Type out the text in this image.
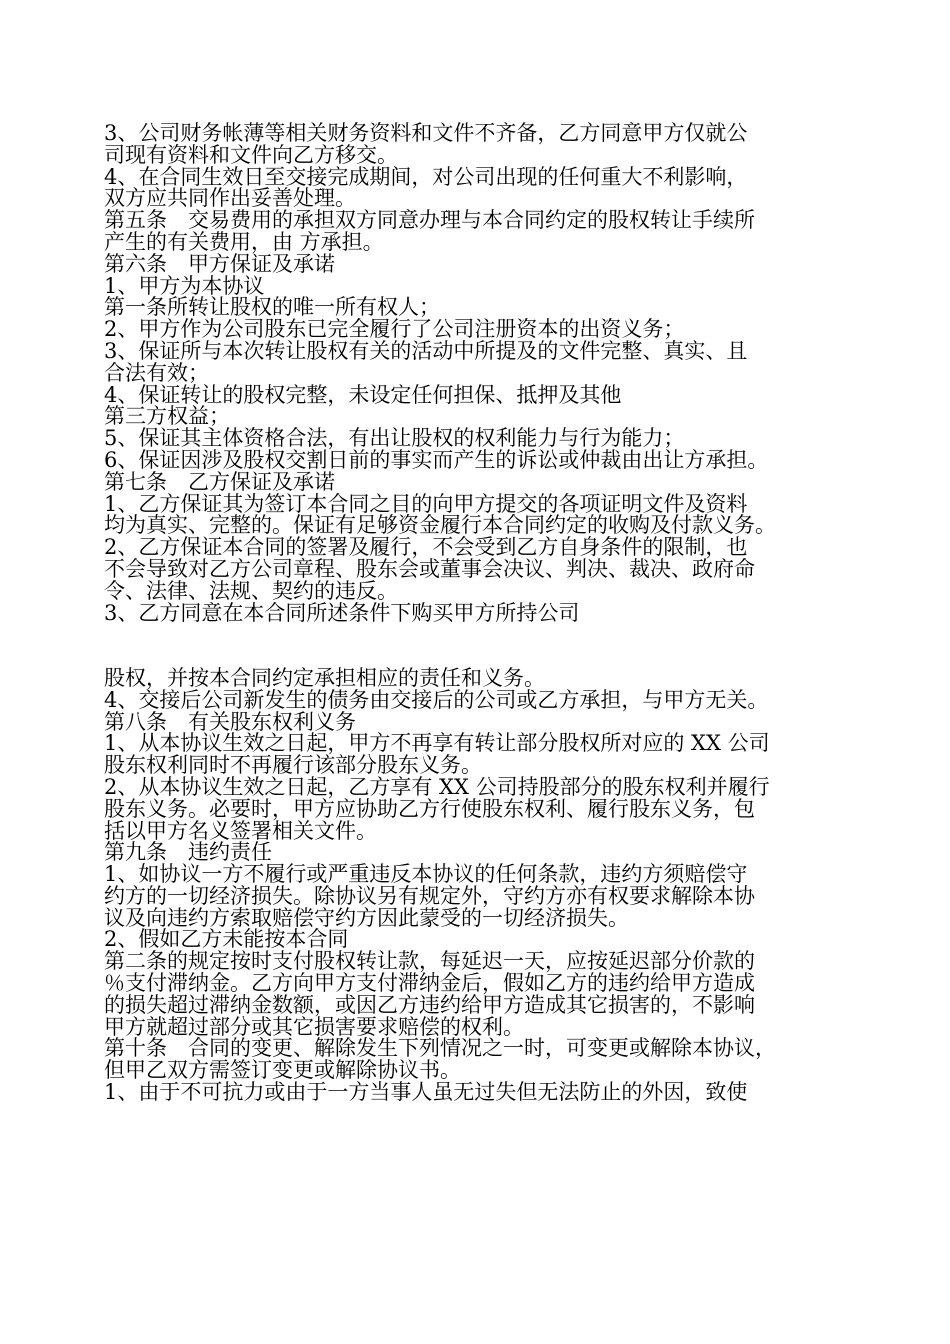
3、公司财务帐薄等相关财务资料和文件不齐备，乙方同意甲方仅就公
司现有资料和文件向乙方移交。
4、在合同生效日至交接完成期间，对公司出现的任何重大不利影响，
双方应共同作出妥善处理。
第五条　交易费用的承担双方同意办理与本合同约定的股权转让手续所
产生的有关费用，由 方承担。
第六条　甲方保证及承诺
1、甲方为本协议
第一条所转让股权的唯一所有权人；
2、甲方作为公司股东已完全履行了公司注册资本的出资义务；
3、保证所与本次转让股权有关的活动中所提及的文件完整、真实、且
合法有效；
4、保证转让的股权完整，未设定任何担保、抵押及其他
第三方权益；
5、保证其主体资格合法，有出让股权的权利能力与行为能力；
6、保证因涉及股权交割日前的事实而产生的诉讼或仲裁由出让方承担。
第七条　乙方保证及承诺
1、乙方保证其为签订本合同之目的向甲方提交的各项证明文件及资料
均为真实、完整的。保证有足够资金履行本合同约定的收购及付款义务。
2、乙方保证本合同的签署及履行，不会受到乙方自身条件的限制，也
不会导致对乙方公司章程、股东会或董事会决议、判决、裁决、政府命
令、法律、法规、契约的违反。
3、乙方同意在本合同所述条件下购买甲方所持公司
股权，并按本合同约定承担相应的责任和义务。
4、交接后公司新发生的债务由交接后的公司或乙方承担，与甲方无关。
第八条　有关股东权利义务
1、从本协议生效之日起，甲方不再享有转让部分股权所对应的 XX 公司
股东权利同时不再履行该部分股东义务。
2、从本协议生效之日起，乙方享有 XX 公司持股部分的股东权利并履行
股东义务。必要时，甲方应协助乙方行使股东权利、履行股东义务，包
括以甲方名义签署相关文件。
第九条　违约责任
1、如协议一方不履行或严重违反本协议的任何条款，违约方须赔偿守
约方的一切经济损失。除协议另有规定外，守约方亦有权要求解除本协
议及向违约方索取赔偿守约方因此蒙受的一切经济损失。
2、假如乙方未能按本合同
第二条的规定按时支付股权转让款，每延迟一天，应按延迟部分价款的
％支付滞纳金。乙方向甲方支付滞纳金后，假如乙方的违约给甲方造成
的损失超过滞纳金数额，或因乙方违约给甲方造成其它损害的，不影响
甲方就超过部分或其它损害要求赔偿的权利。
第十条　合同的变更、解除发生下列情况之一时，可变更或解除本协议，
但甲乙双方需签订变更或解除协议书。
1、由于不可抗力或由于一方当事人虽无过失但无法防止的外因，致使
